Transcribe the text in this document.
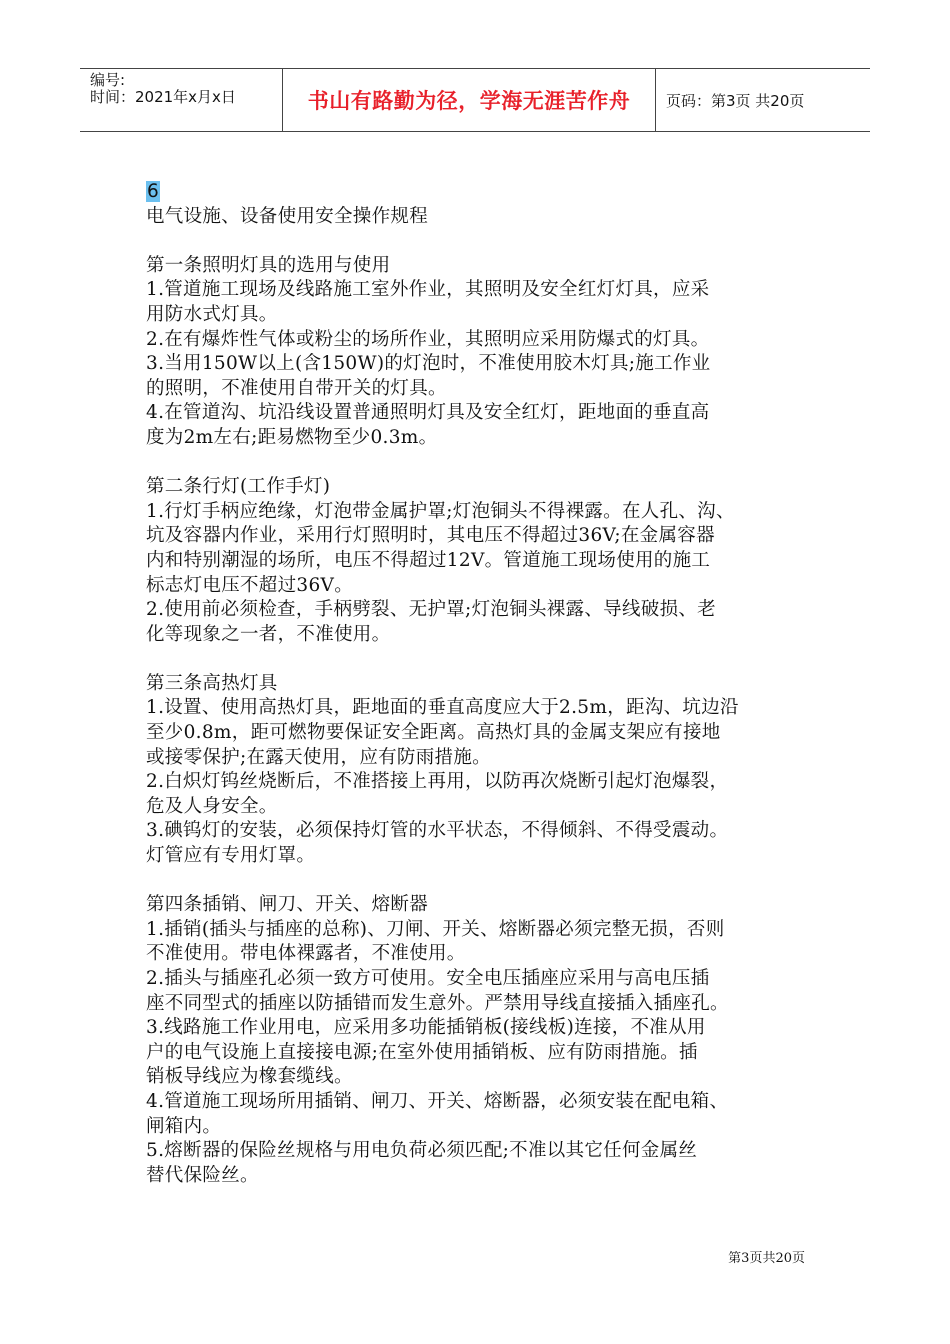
编号:
时间：2021年x月x日	书山有路勤为径，学海无涯苦作舟 页码：第3页 共20页

6

电气设施、设备使用安全操作规程

第一条照明灯具的选用与使用

1.管道施工现场及线路施工室外作业，其照明及安全红灯灯具，应采

用防水式灯具。

2.在有爆炸性气体或粉尘的场所作业，其照明应采用防爆式的灯具。

3.当用150W以上(含150W)的灯泡时，不准使用胶木灯具;施工作业

的照明，不准使用自带开关的灯具。

4.在管道沟、坑沿线设置普通照明灯具及安全红灯，距地面的垂直高

度为2m左右;距易燃物至少0.3m。

第二条行灯(工作手灯)

1.行灯手柄应绝缘，灯泡带金属护罩;灯泡铜头不得裸露。在人孔、沟、

坑及容器内作业，采用行灯照明时，其电压不得超过36V;在金属容器

内和特别潮湿的场所，电压不得超过12V。管道施工现场使用的施工

标志灯电压不超过36V。

2.使用前必须检查，手柄劈裂、无护罩;灯泡铜头裸露、导线破损、老

化等现象之一者，不准使用。

第三条高热灯具

1.设置、使用高热灯具，距地面的垂直高度应大于2.5m，距沟、坑边沿

至少0.8m，距可燃物要保证安全距离。高热灯具的金属支架应有接地

或接零保护;在露天使用，应有防雨措施。

2.白炽灯钨丝烧断后，不准搭接上再用，以防再次烧断引起灯泡爆裂，

危及人身安全。

3.碘钨灯的安装，必须保持灯管的水平状态，不得倾斜、不得受震动。

灯管应有专用灯罩。

第四条插销、闸刀、开关、熔断器

1.插销(插头与插座的总称)、刀闸、开关、熔断器必须完整无损，否则

不准使用。带电体裸露者，不准使用。

2.插头与插座孔必须一致方可使用。安全电压插座应采用与高电压插

座不同型式的插座以防插错而发生意外。严禁用导线直接插入插座孔。

3.线路施工作业用电，应采用多功能插销板(接线板)连接，不准从用

户的电气设施上直接接电源;在室外使用插销板、应有防雨措施。插

销板导线应为橡套缆线。

4.管道施工现场所用插销、闸刀、开关、熔断器，必须安装在配电箱、

闸箱内。

5.熔断器的保险丝规格与用电负荷必须匹配;不准以其它任何金属丝

替代保险丝。

第3页共20页
